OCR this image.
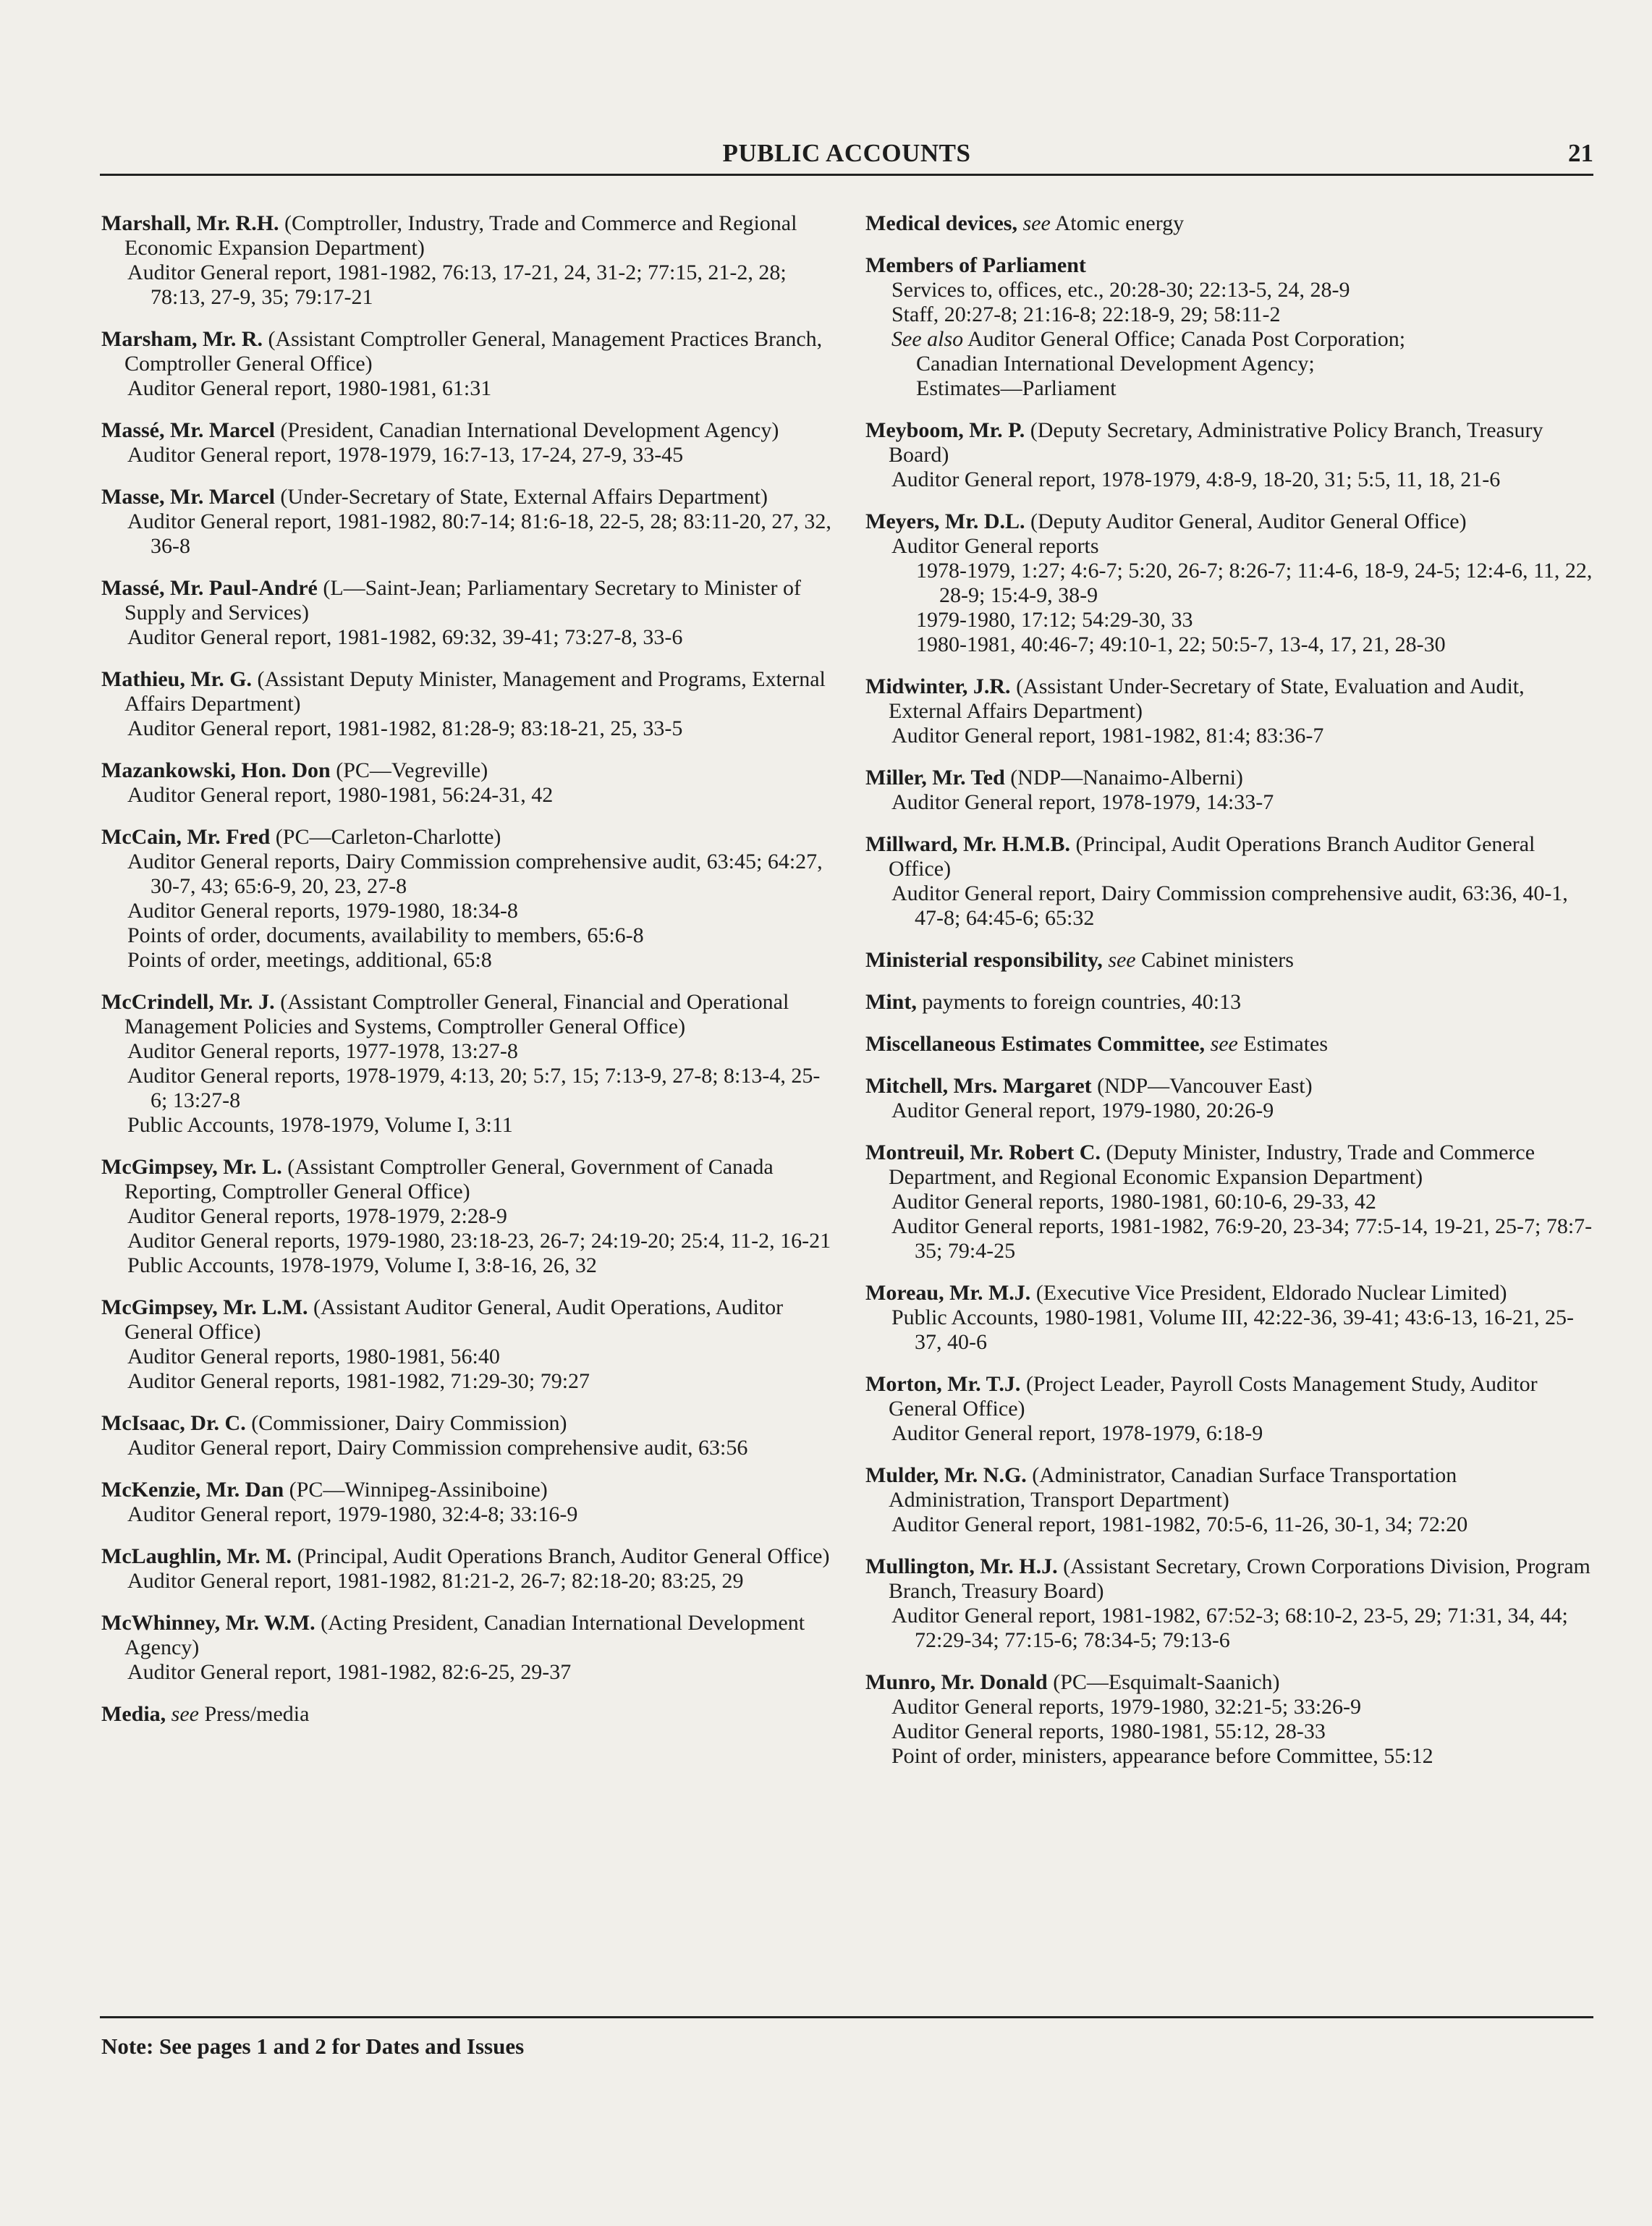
PUBLIC ACCOUNTS	21
Marshall, Mr. R.H. (Comptroller, Industry, Trade and Commerce and Regional Economic Expansion Department)
Auditor General report, 1981-1982, 76:13, 17-21, 24, 31-2; 77:15, 21-2, 28; 78:13, 27-9, 35; 79:17-21
Marsham, Mr. R. (Assistant Comptroller General, Management Practices Branch, Comptroller General Office)
Auditor General report, 1980-1981, 61:31
Massé, Mr. Marcel (President, Canadian International Development Agency)
Auditor General report, 1978-1979, 16:7-13, 17-24, 27-9, 33-45
Masse, Mr. Marcel (Under-Secretary of State, External Affairs Department)
Auditor General report, 1981-1982, 80:7-14; 81:6-18, 22-5, 28; 83:11-20, 27, 32, 36-8
Massé, Mr. Paul-André (L—Saint-Jean; Parliamentary Secretary to Minister of Supply and Services)
Auditor General report, 1981-1982, 69:32, 39-41; 73:27-8, 33-6
Mathieu, Mr. G. (Assistant Deputy Minister, Management and Programs, External Affairs Department)
Auditor General report, 1981-1982, 81:28-9; 83:18-21, 25, 33-5
Mazankowski, Hon. Don (PC—Vegreville)
Auditor General report, 1980-1981, 56:24-31, 42
McCain, Mr. Fred (PC—Carleton-Charlotte)
Auditor General reports, Dairy Commission comprehensive audit, 63:45; 64:27, 30-7, 43; 65:6-9, 20, 23, 27-8
Auditor General reports, 1979-1980, 18:34-8
Points of order, documents, availability to members, 65:6-8
Points of order, meetings, additional, 65:8
McCrindell, Mr. J. (Assistant Comptroller General, Financial and Operational Management Policies and Systems, Comptroller General Office)
Auditor General reports, 1977-1978, 13:27-8
Auditor General reports, 1978-1979, 4:13, 20; 5:7, 15; 7:13-9, 27-8; 8:13-4, 25-6; 13:27-8
Public Accounts, 1978-1979, Volume I, 3:11
McGimpsey, Mr. L. (Assistant Comptroller General, Government of Canada Reporting, Comptroller General Office)
Auditor General reports, 1978-1979, 2:28-9
Auditor General reports, 1979-1980, 23:18-23, 26-7; 24:19-20; 25:4, 11-2, 16-21
Public Accounts, 1978-1979, Volume I, 3:8-16, 26, 32
McGimpsey, Mr. L.M. (Assistant Auditor General, Audit Operations, Auditor General Office)
Auditor General reports, 1980-1981, 56:40
Auditor General reports, 1981-1982, 71:29-30; 79:27
McIsaac, Dr. C. (Commissioner, Dairy Commission)
Auditor General report, Dairy Commission comprehensive audit, 63:56
McKenzie, Mr. Dan (PC—Winnipeg-Assiniboine)
Auditor General report, 1979-1980, 32:4-8; 33:16-9
McLaughlin, Mr. M. (Principal, Audit Operations Branch, Auditor General Office)
Auditor General report, 1981-1982, 81:21-2, 26-7; 82:18-20; 83:25, 29
McWhinney, Mr. W.M. (Acting President, Canadian International Development Agency)
Auditor General report, 1981-1982, 82:6-25, 29-37
Media, see Press/media
Medical devices, see Atomic energy
Members of Parliament
Services to, offices, etc., 20:28-30; 22:13-5, 24, 28-9
Staff, 20:27-8; 21:16-8; 22:18-9, 29; 58:11-2
See also Auditor General Office; Canada Post Corporation;
Canadian International Development Agency;
Estimates—Parliament
Meyboom, Mr. P. (Deputy Secretary, Administrative Policy Branch, Treasury Board)
Auditor General report, 1978-1979, 4:8-9, 18-20, 31; 5:5, 11, 18, 21-6
Meyers, Mr. D.L. (Deputy Auditor General, Auditor General Office)
Auditor General reports
1978-1979, 1:27; 4:6-7; 5:20, 26-7; 8:26-7; 11:4-6, 18-9, 24-5; 12:4-6, 11, 22, 28-9; 15:4-9, 38-9
1979-1980, 17:12; 54:29-30, 33
1980-1981, 40:46-7; 49:10-1, 22; 50:5-7, 13-4, 17, 21, 28-30
Midwinter, J.R. (Assistant Under-Secretary of State, Evaluation and Audit, External Affairs Department)
Auditor General report, 1981-1982, 81:4; 83:36-7
Miller, Mr. Ted (NDP—Nanaimo-Alberni)
Auditor General report, 1978-1979, 14:33-7
Millward, Mr. H.M.B. (Principal, Audit Operations Branch Auditor General Office)
Auditor General report, Dairy Commission comprehensive audit, 63:36, 40-1, 47-8; 64:45-6; 65:32
Ministerial responsibility, see Cabinet ministers
Mint, payments to foreign countries, 40:13
Miscellaneous Estimates Committee, see Estimates
Mitchell, Mrs. Margaret (NDP—Vancouver East)
Auditor General report, 1979-1980, 20:26-9
Montreuil, Mr. Robert C. (Deputy Minister, Industry, Trade and Commerce Department, and Regional Economic Expansion Department)
Auditor General reports, 1980-1981, 60:10-6, 29-33, 42
Auditor General reports, 1981-1982, 76:9-20, 23-34; 77:5-14, 19-21, 25-7; 78:7-35; 79:4-25
Moreau, Mr. M.J. (Executive Vice President, Eldorado Nuclear Limited)
Public Accounts, 1980-1981, Volume III, 42:22-36, 39-41; 43:6-13, 16-21, 25-37, 40-6
Morton, Mr. T.J. (Project Leader, Payroll Costs Management Study, Auditor General Office)
Auditor General report, 1978-1979, 6:18-9
Mulder, Mr. N.G. (Administrator, Canadian Surface Transportation Administration, Transport Department)
Auditor General report, 1981-1982, 70:5-6, 11-26, 30-1, 34; 72:20
Mullington, Mr. H.J. (Assistant Secretary, Crown Corporations Division, Program Branch, Treasury Board)
Auditor General report, 1981-1982, 67:52-3; 68:10-2, 23-5, 29; 71:31, 34, 44; 72:29-34; 77:15-6; 78:34-5; 79:13-6
Munro, Mr. Donald (PC—Esquimalt-Saanich)
Auditor General reports, 1979-1980, 32:21-5; 33:26-9
Auditor General reports, 1980-1981, 55:12, 28-33
Point of order, ministers, appearance before Committee, 55:12
Note: See pages 1 and 2 for Dates and Issues
